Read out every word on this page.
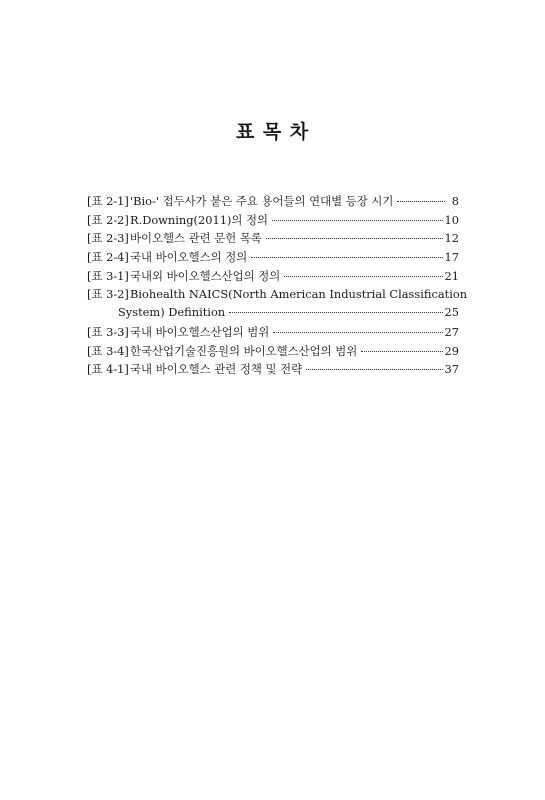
표 목 차
[표 2-1] 'Bio-' 접두사가 붙은 주요 용어들의 연대별 등장 시기	8
[표 2-2] R.Downing(2011)의 정의	10
[표 2-3] 바이오헬스 관련 문헌 목록	12
[표 2-4] 국내 바이오헬스의 정의	17
[표 3-1] 국내외 바이오헬스산업의 정의	21
[표 3-2] Biohealth NAICS(North American Industrial Classification
System) Definition	25
[표 3-3] 국내 바이오헬스산업의 범위	27
[표 3-4] 한국산업기술진흥원의 바이오헬스산업의 범위	29
[표 4-1] 국내 바이오헬스 관련 정책 및 전략	37
